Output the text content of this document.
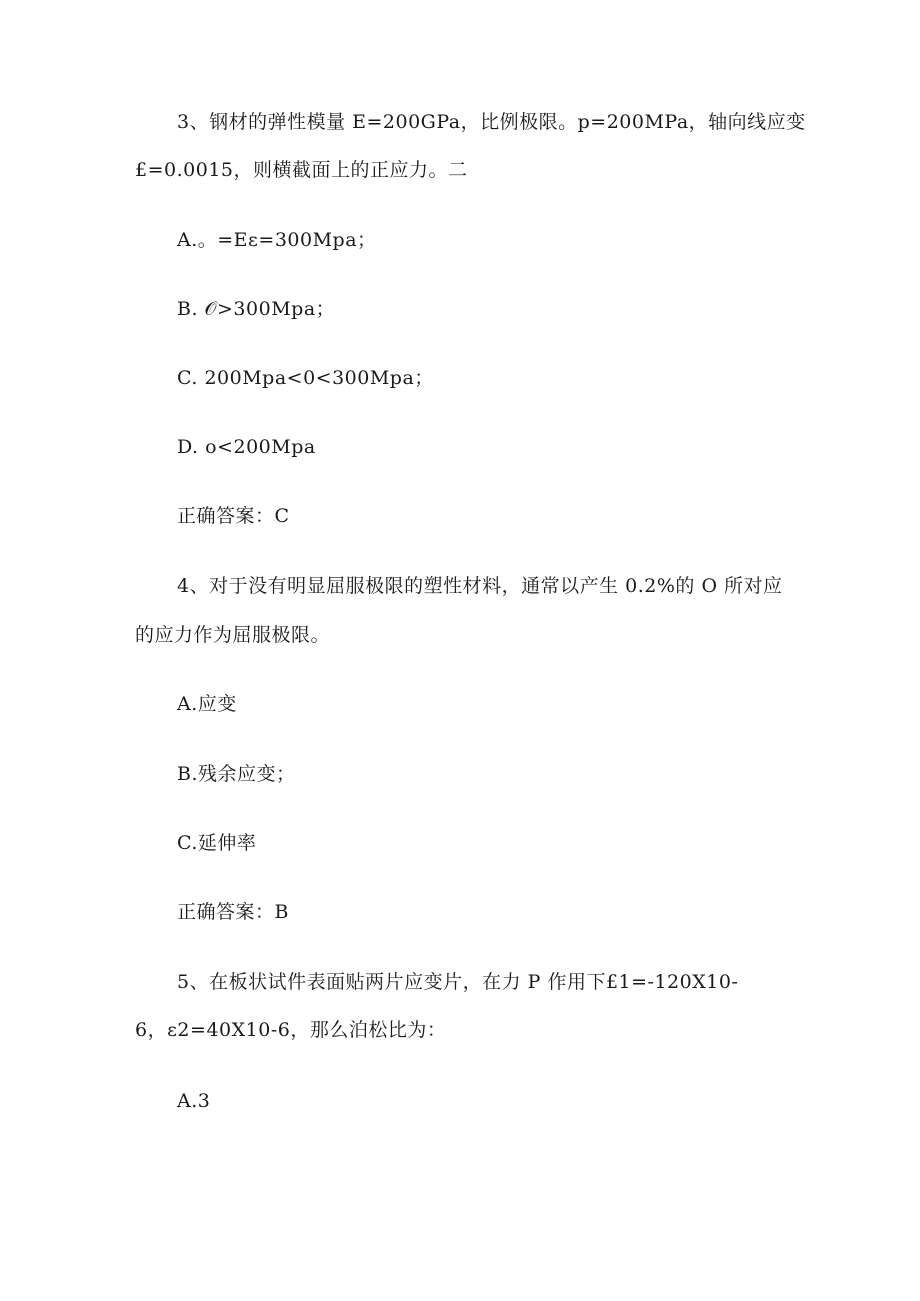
3、钢材的弹性模量 E=200GPa，比例极限。p=200MPa，轴向线应变
£=0.0015，则横截面上的正应力。二
A.。=Eε=300Mpa；
B. 𝒪>300Mpa；
C. 200Mpa<0<300Mpa；
D. o<200Mpa
正确答案：C
4、对于没有明显屈服极限的塑性材料，通常以产生 0.2%的 O 所对应
的应力作为屈服极限。
A.应变
B.残余应变；
C.延伸率
正确答案：B
5、在板状试件表面贴两片应变片，在力 P 作用下£1=-120X10-
6，ε2=40X10-6，那么泊松比为：
A.3
